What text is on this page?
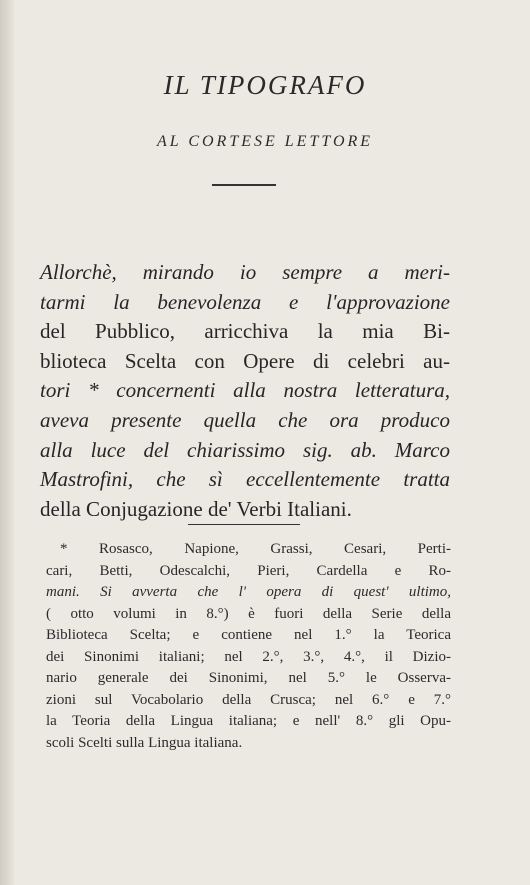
IL TIPOGRAFO
AL CORTESE LETTORE
Allorchè, mirando io sempre a meri-
tarmi la benevolenza e l'approvazione
del Pubblico, arricchiva la mia Bi-
blioteca Scelta con Opere di celebri au-
tori * concernenti alla nostra letteratura,
aveva presente quella che ora produco
alla luce del chiarissimo sig. ab. Marco
Mastrofini, che sì eccellentemente tratta
della Conjugazione de' Verbi Italiani.
* Rosasco, Napione, Grassi, Cesari, Perti-
cari, Betti, Odescalchi, Pieri, Cardella e Ro-
mani. Si avverta che l' opera di quest' ultimo,
( otto volumi in 8.°) è fuori della Serie della
Biblioteca Scelta; e contiene nel 1.° la Teorica
dei Sinonimi italiani; nel 2.°, 3.°, 4.°, il Dizio-
nario generale dei Sinonimi, nel 5.° le Osserva-
zioni sul Vocabolario della Crusca; nel 6.° e 7.°
la Teoria della Lingua italiana; e nell' 8.° gli Opu-
scoli Scelti sulla Lingua italiana.
